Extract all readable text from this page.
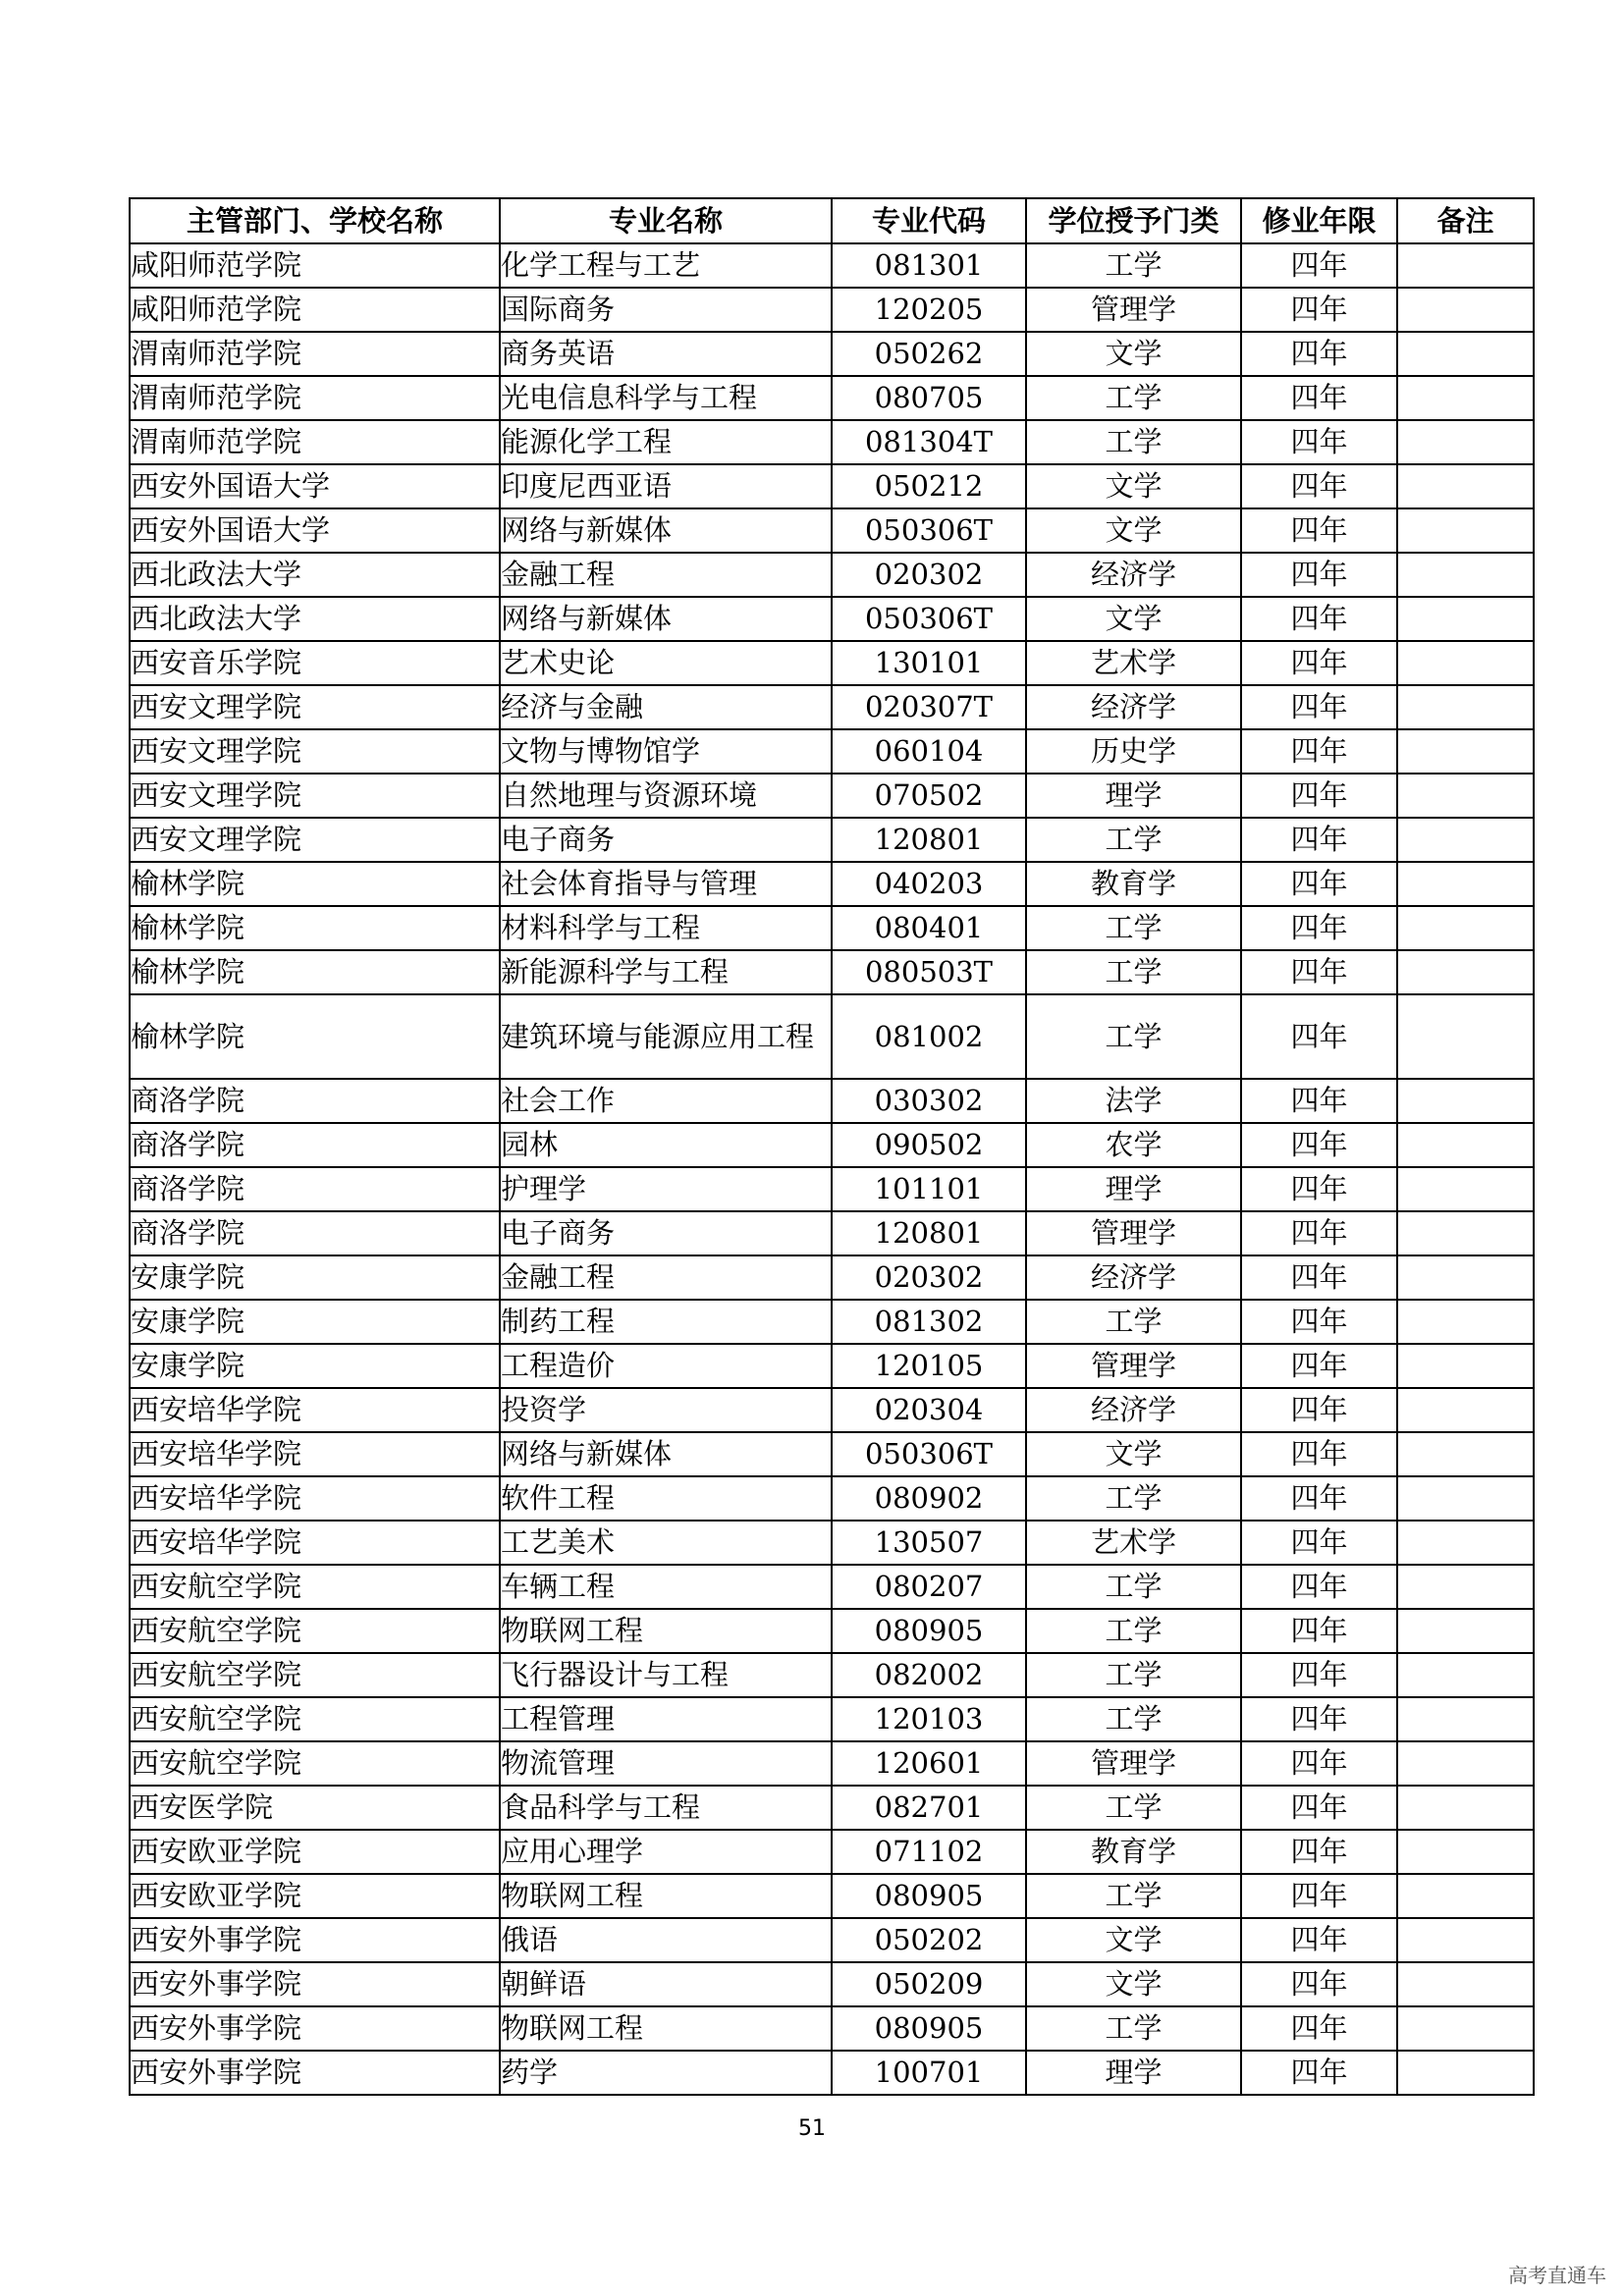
主管部门、学校名称	专业名称	专业代码	学位授予门类	修业年限	备注
咸阳师范学院	化学工程与工艺	081301	工学	四年	
咸阳师范学院	国际商务	120205	管理学	四年	
渭南师范学院	商务英语	050262	文学	四年	
渭南师范学院	光电信息科学与工程	080705	工学	四年	
渭南师范学院	能源化学工程	081304T	工学	四年	
西安外国语大学	印度尼西亚语	050212	文学	四年	
西安外国语大学	网络与新媒体	050306T	文学	四年	
西北政法大学	金融工程	020302	经济学	四年	
西北政法大学	网络与新媒体	050306T	文学	四年	
西安音乐学院	艺术史论	130101	艺术学	四年	
西安文理学院	经济与金融	020307T	经济学	四年	
西安文理学院	文物与博物馆学	060104	历史学	四年	
西安文理学院	自然地理与资源环境	070502	理学	四年	
西安文理学院	电子商务	120801	工学	四年	
榆林学院	社会体育指导与管理	040203	教育学	四年	
榆林学院	材料科学与工程	080401	工学	四年	
榆林学院	新能源科学与工程	080503T	工学	四年	
榆林学院	建筑环境与能源应用工程	081002	工学	四年	
商洛学院	社会工作	030302	法学	四年	
商洛学院	园林	090502	农学	四年	
商洛学院	护理学	101101	理学	四年	
商洛学院	电子商务	120801	管理学	四年	
安康学院	金融工程	020302	经济学	四年	
安康学院	制药工程	081302	工学	四年	
安康学院	工程造价	120105	管理学	四年	
西安培华学院	投资学	020304	经济学	四年	
西安培华学院	网络与新媒体	050306T	文学	四年	
西安培华学院	软件工程	080902	工学	四年	
西安培华学院	工艺美术	130507	艺术学	四年	
西安航空学院	车辆工程	080207	工学	四年	
西安航空学院	物联网工程	080905	工学	四年	
西安航空学院	飞行器设计与工程	082002	工学	四年	
西安航空学院	工程管理	120103	工学	四年	
西安航空学院	物流管理	120601	管理学	四年	
西安医学院	食品科学与工程	082701	工学	四年	
西安欧亚学院	应用心理学	071102	教育学	四年	
西安欧亚学院	物联网工程	080905	工学	四年	
西安外事学院	俄语	050202	文学	四年	
西安外事学院	朝鲜语	050209	文学	四年	
西安外事学院	物联网工程	080905	工学	四年	
西安外事学院	药学	100701	理学	四年	
51
高考直通车
